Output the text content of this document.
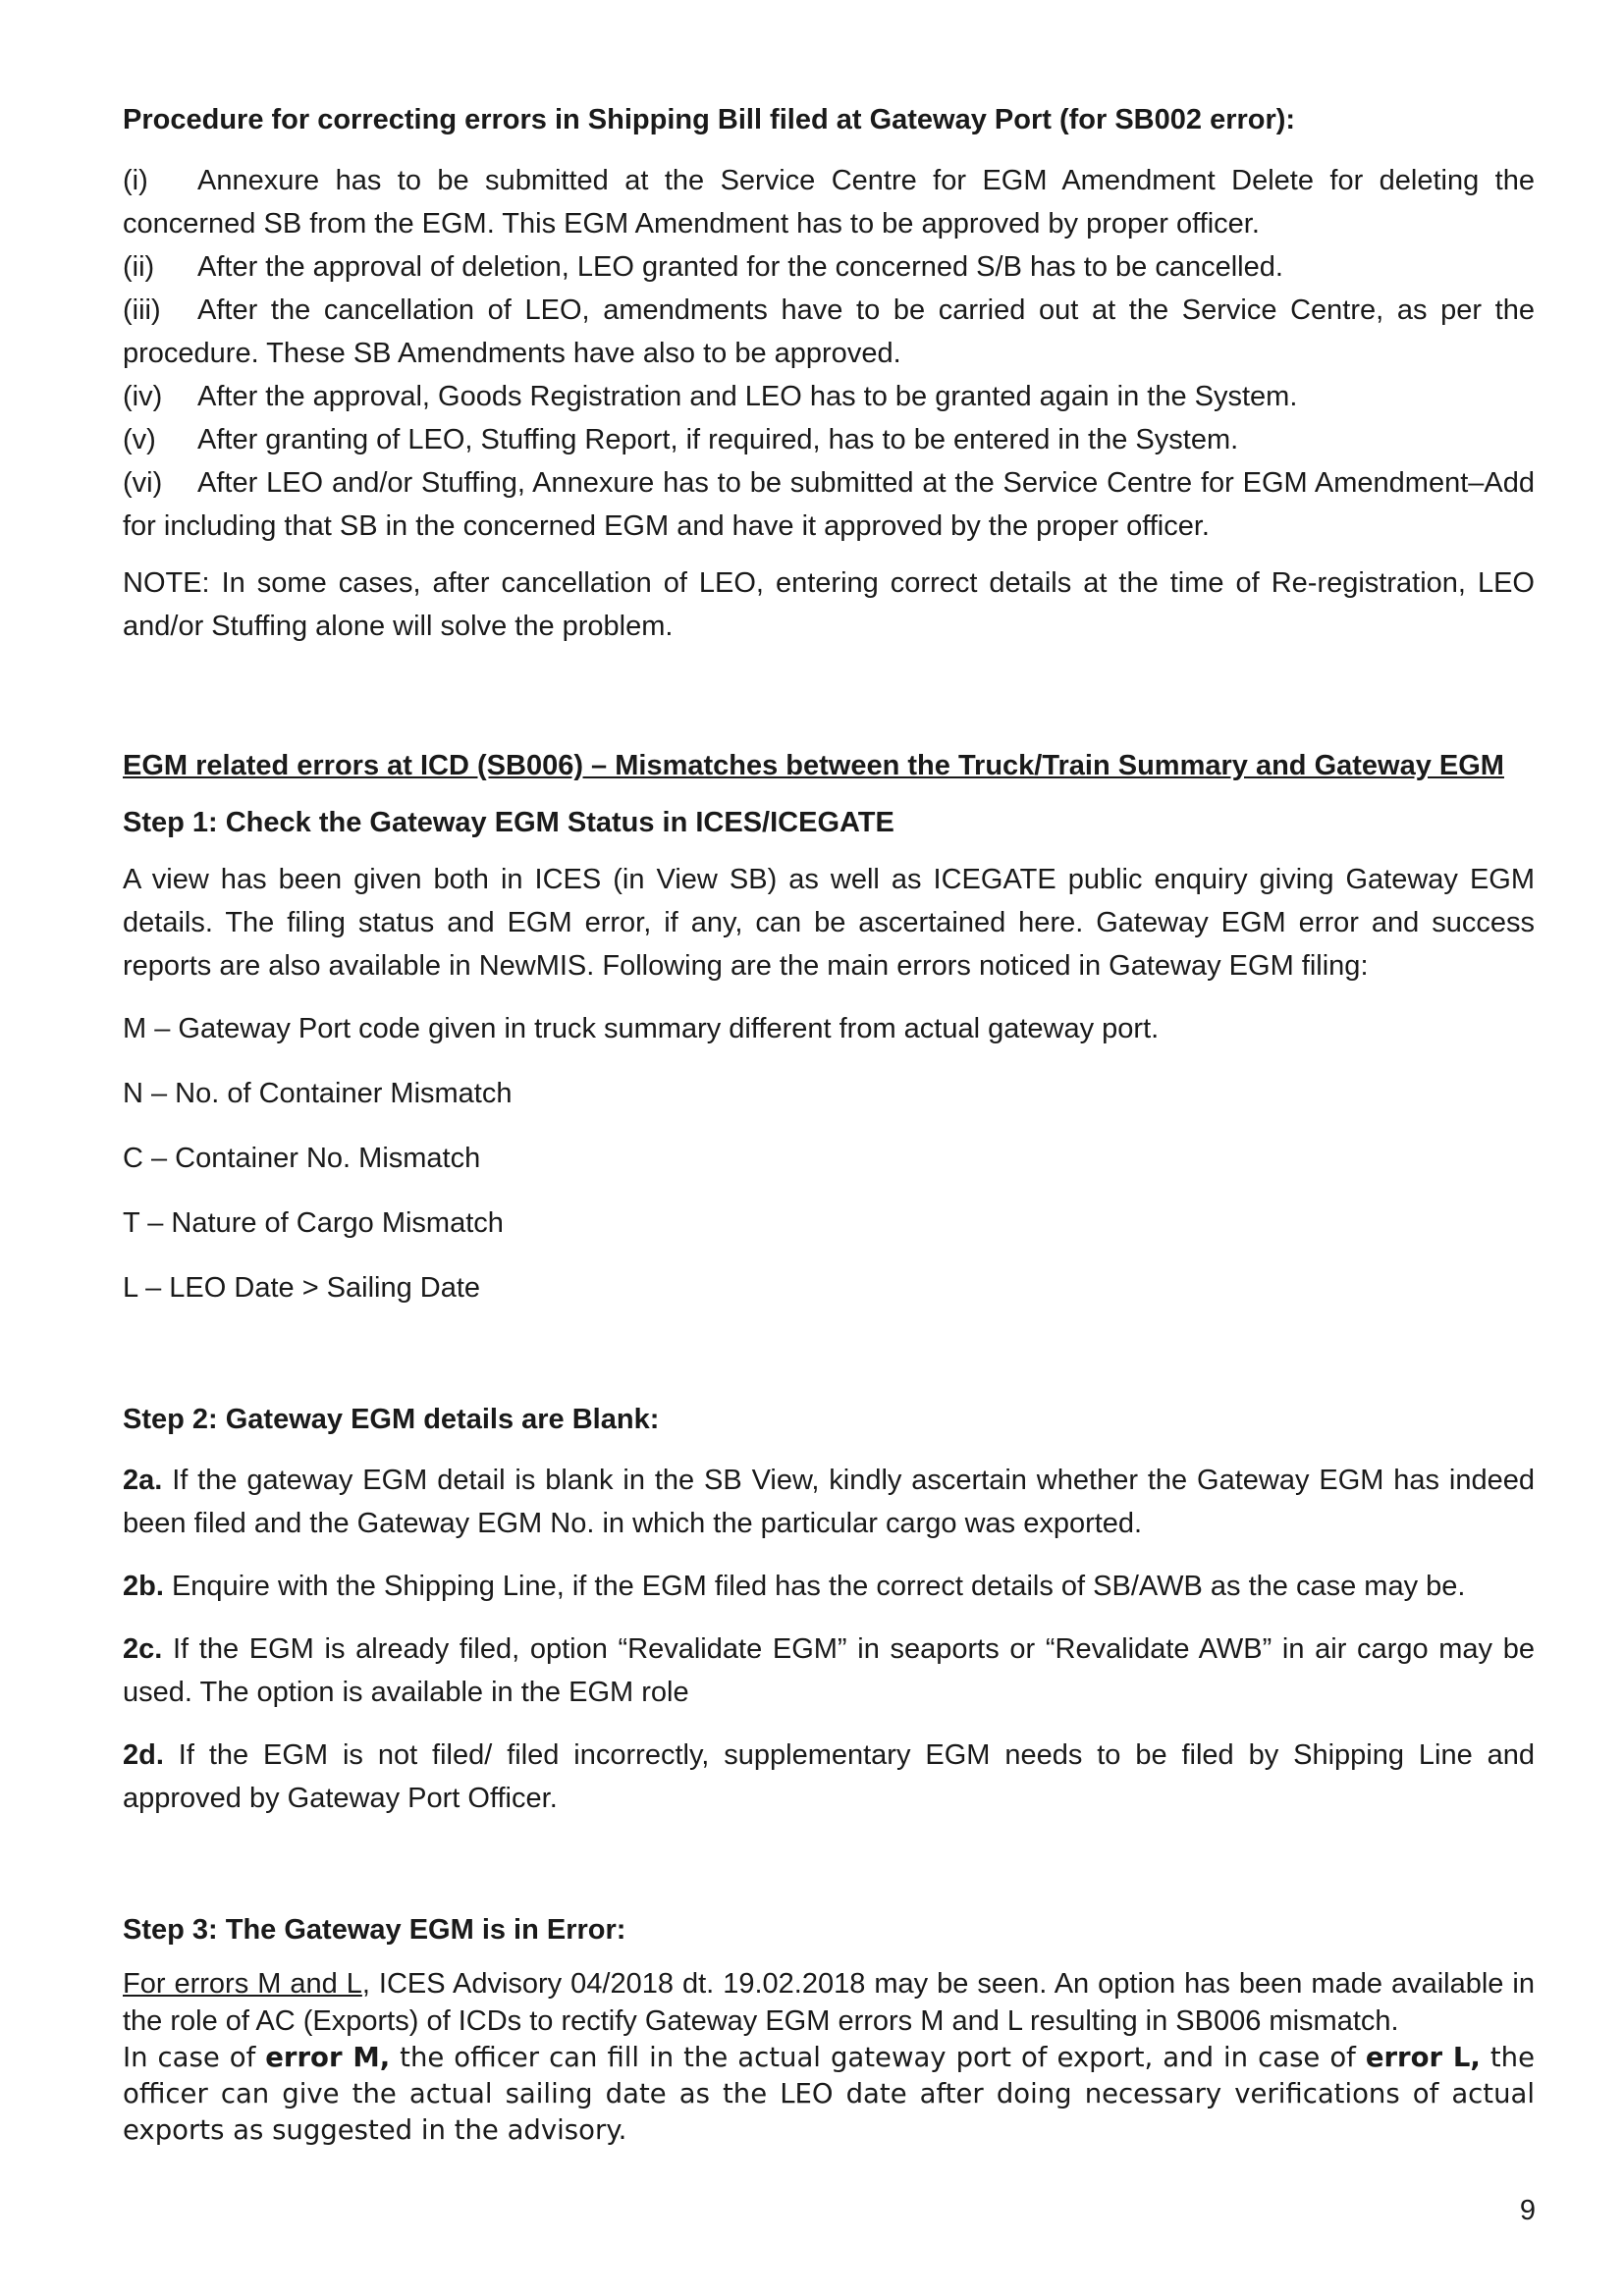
Procedure for correcting errors in Shipping Bill filed at Gateway Port (for SB002 error):

(i) Annexure has to be submitted at the Service Centre for EGM Amendment Delete for deleting the concerned SB from the EGM. This EGM Amendment has to be approved by proper officer.

(ii) After the approval of deletion, LEO granted for the concerned S/B has to be cancelled.

(iii) After the cancellation of LEO, amendments have to be carried out at the Service Centre, as per the procedure. These SB Amendments have also to be approved.

(iv) After the approval, Goods Registration and LEO has to be granted again in the System.

(v) After granting of LEO, Stuffing Report, if required, has to be entered in the System.

(vi) After LEO and/or Stuffing, Annexure has to be submitted at the Service Centre for EGM Amendment–Add for including that SB in the concerned EGM and have it approved by the proper officer.

NOTE: In some cases, after cancellation of LEO, entering correct details at the time of Re-registration, LEO and/or Stuffing alone will solve the problem.

EGM related errors at ICD (SB006) – Mismatches between the Truck/Train Summary and Gateway EGM

Step 1: Check the Gateway EGM Status in ICES/ICEGATE

A view has been given both in ICES (in View SB) as well as ICEGATE public enquiry giving Gateway EGM details. The filing status and EGM error, if any, can be ascertained here. Gateway EGM error and success reports are also available in NewMIS. Following are the main errors noticed in Gateway EGM filing:

M – Gateway Port code given in truck summary different from actual gateway port.

N – No. of Container Mismatch

C – Container No. Mismatch

T – Nature of Cargo Mismatch

L – LEO Date > Sailing Date

Step 2: Gateway EGM details are Blank:

2a. If the gateway EGM detail is blank in the SB View, kindly ascertain whether the Gateway EGM has indeed been filed and the Gateway EGM No. in which the particular cargo was exported.

2b. Enquire with the Shipping Line, if the EGM filed has the correct details of SB/AWB as the case may be.

2c. If the EGM is already filed, option “Revalidate EGM” in seaports or “Revalidate AWB” in air cargo may be used. The option is available in the EGM role

2d. If the EGM is not filed/ filed incorrectly, supplementary EGM needs to be filed by Shipping Line and approved by Gateway Port Officer.

Step 3: The Gateway EGM is in Error:

For errors M and L, ICES Advisory 04/2018 dt. 19.02.2018 may be seen. An option has been made available in the role of AC (Exports) of ICDs to rectify Gateway EGM errors M and L resulting in SB006 mismatch.

In case of error M, the officer can fill in the actual gateway port of export, and in case of error L, the officer can give the actual sailing date as the LEO date after doing necessary verifications of actual exports as suggested in the advisory.

9
